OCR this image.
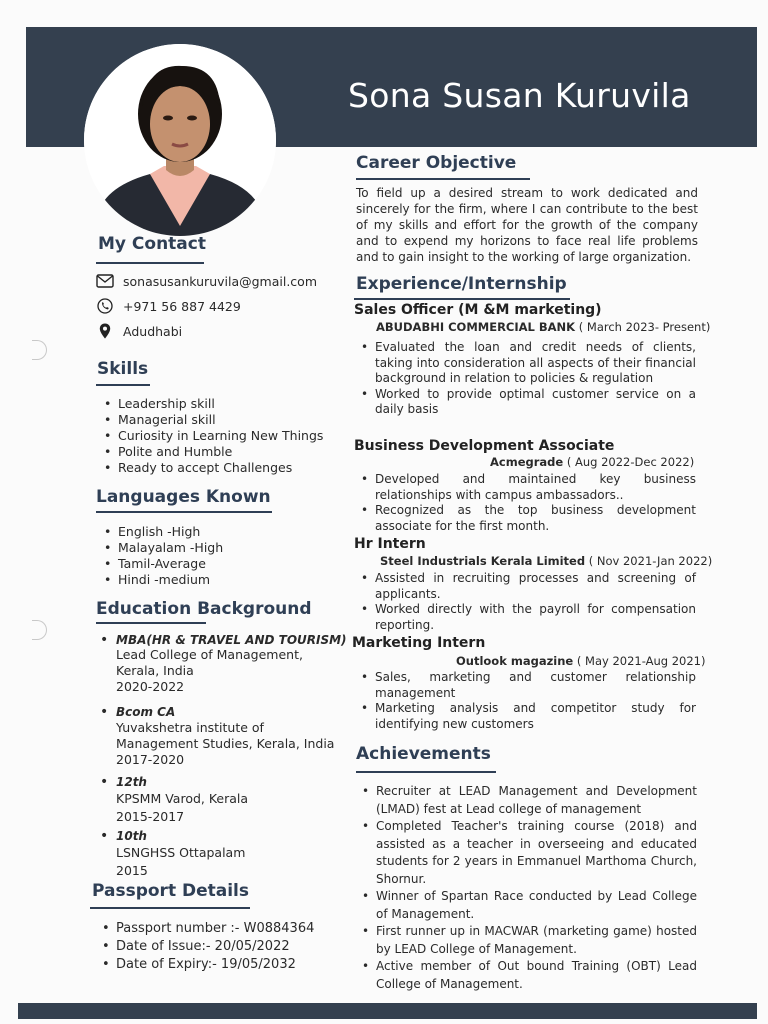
Sona Susan Kuruvila
My Contact
sonasusankuruvila@gmail.com
+971 56 887 4429
Adudhabi
Skills
• Leadership skill
• Managerial skill
• Curiosity in Learning New Things
• Polite and Humble
• Ready to accept Challenges
Languages Known
• English -High
• Malayalam -High
• Tamil-Average
• Hindi -medium
Education Background
• MBA(HR & TRAVEL AND TOURISM)
Lead College of Management,
Kerala, India
2020-2022
• Bcom CA
Yuvakshetra institute of
Management Studies, Kerala, India
2017-2020
• 12th
KPSMM Varod, Kerala
2015-2017
• 10th
LSNGHSS Ottapalam
2015
Passport Details
• Passport number :- W0884364
• Date of Issue:- 20/05/2022
• Date of Expiry:- 19/05/2032
Career Objective
To field up a desired stream to work dedicated and sincerely for the firm, where I can contribute to the best of my skills and effort for the growth of the company and to expend my horizons to face real life problems and to gain insight to the working of large organization.
Experience/Internship
Sales Officer (M &M marketing)
ABUDABHI COMMERCIAL BANK ( March 2023- Present)
• Evaluated the loan and credit needs of clients, taking into consideration all aspects of their financial background in relation to policies & regulation
• Worked to provide optimal customer service on a daily basis
Business Development Associate
Acmegrade ( Aug 2022-Dec 2022)
• Developed and maintained key business relationships with campus ambassadors..
• Recognized as the top business development associate for the first month.
Hr Intern
Steel Industrials Kerala Limited ( Nov 2021-Jan 2022)
• Assisted in recruiting processes and screening of applicants.
• Worked directly with the payroll for compensation reporting.
Marketing Intern
Outlook magazine ( May 2021-Aug 2021)
• Sales, marketing and customer relationship management
• Marketing analysis and competitor study for identifying new customers
Achievements
• Recruiter at LEAD Management and Development (LMAD) fest at Lead college of management
• Completed Teacher's training course (2018) and assisted as a teacher in overseeing and educated students for 2 years in Emmanuel Marthoma Church, Shornur.
• Winner of Spartan Race conducted by Lead College of Management.
• First runner up in MACWAR (marketing game) hosted by LEAD College of Management.
• Active member of Out bound Training (OBT) Lead College of Management.
